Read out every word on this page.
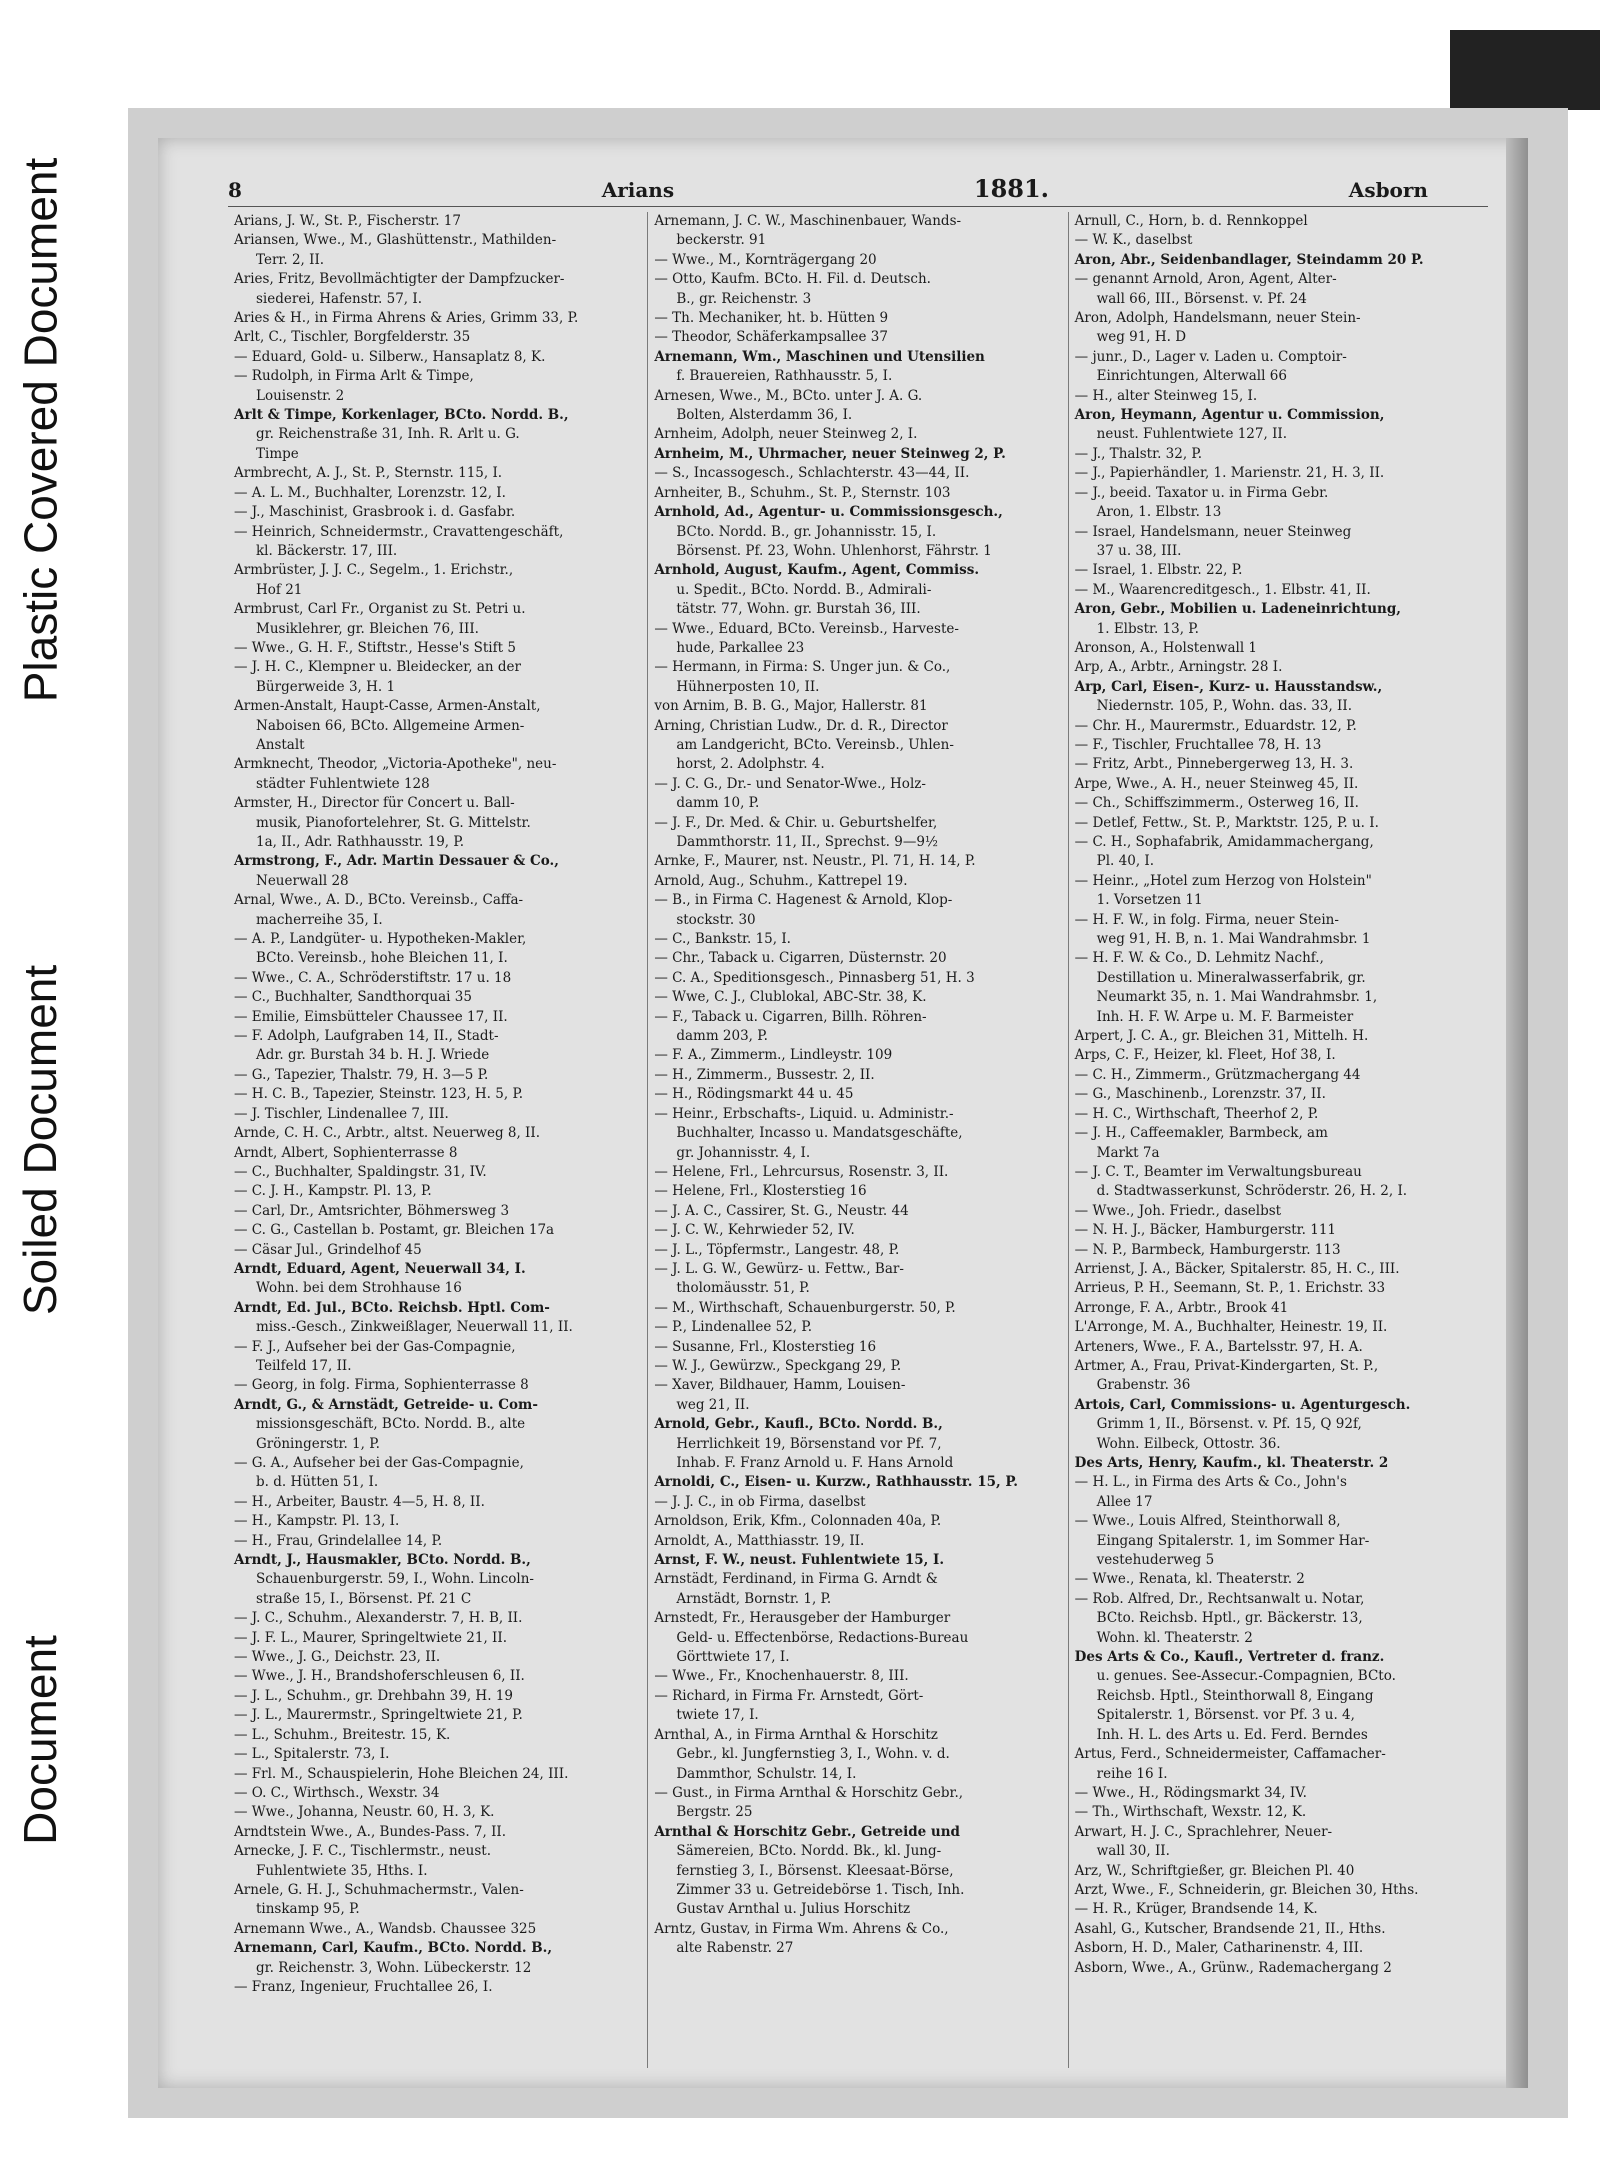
Plastic Covered Document
Soiled Document
Document
8	Arians	1881.	Asborn

Arians, J. W., St. P., Fischerstr. 17

Ariansen, Wwe., M., Glashüttenstr., Mathilden-

Terr. 2, II.

Aries, Fritz, Bevollmächtigter der Dampfzucker-

siederei, Hafenstr. 57, I.

Aries & H., in Firma Ahrens & Aries, Grimm 33, P.

Arlt, C., Tischler, Borgfelderstr. 35

— Eduard, Gold- u. Silberw., Hansaplatz 8, K.

— Rudolph, in Firma Arlt & Timpe,

Louisenstr. 2

Arlt & Timpe, Korkenlager, BCto. Nordd. B.,

gr. Reichenstraße 31, Inh. R. Arlt u. G.

Timpe

Armbrecht, A. J., St. P., Sternstr. 115, I.

— A. L. M., Buchhalter, Lorenzstr. 12, I.

— J., Maschinist, Grasbrook i. d. Gasfabr.

— Heinrich, Schneidermstr., Cravattengeschäft,

kl. Bäckerstr. 17, III.

Armbrüster, J. J. C., Segelm., 1. Erichstr.,

Hof 21

Armbrust, Carl Fr., Organist zu St. Petri u.

Musiklehrer, gr. Bleichen 76, III.

— Wwe., G. H. F., Stiftstr., Hesse's Stift 5

— J. H. C., Klempner u. Bleidecker, an der

Bürgerweide 3, H. 1

Armen-Anstalt, Haupt-Casse, Armen-Anstalt,

Naboisen 66, BCto. Allgemeine Armen-

Anstalt

Armknecht, Theodor, „Victoria-Apotheke", neu-

städter Fuhlentwiete 128

Armster, H., Director für Concert u. Ball-

musik, Pianofortelehrer, St. G. Mittelstr.

1a, II., Adr. Rathhausstr. 19, P.

Armstrong, F., Adr. Martin Dessauer & Co.,

Neuerwall 28

Arnal, Wwe., A. D., BCto. Vereinsb., Caffa-

macherreihe 35, I.

— A. P., Landgüter- u. Hypotheken-Makler,

BCto. Vereinsb., hohe Bleichen 11, I.

— Wwe., C. A., Schröderstiftstr. 17 u. 18

— C., Buchhalter, Sandthorquai 35

— Emilie, Eimsbütteler Chaussee 17, II.

— F. Adolph, Laufgraben 14, II., Stadt-

Adr. gr. Burstah 34 b. H. J. Wriede

— G., Tapezier, Thalstr. 79, H. 3—5 P.

— H. C. B., Tapezier, Steinstr. 123, H. 5, P.

— J. Tischler, Lindenallee 7, III.

Arnde, C. H. C., Arbtr., altst. Neuerweg 8, II.

Arndt, Albert, Sophienterrasse 8

— C., Buchhalter, Spaldingstr. 31, IV.

— C. J. H., Kampstr. Pl. 13, P.

— Carl, Dr., Amtsrichter, Böhmersweg 3

— C. G., Castellan b. Postamt, gr. Bleichen 17a

— Cäsar Jul., Grindelhof 45

Arndt, Eduard, Agent, Neuerwall 34, I.

Wohn. bei dem Strohhause 16

Arndt, Ed. Jul., BCto. Reichsb. Hptl. Com-

miss.-Gesch., Zinkweißlager, Neuerwall 11, II.

— F. J., Aufseher bei der Gas-Compagnie,

Teilfeld 17, II.

— Georg, in folg. Firma, Sophienterrasse 8

Arndt, G., & Arnstädt, Getreide- u. Com-

missionsgeschäft, BCto. Nordd. B., alte

Gröningerstr. 1, P.

— G. A., Aufseher bei der Gas-Compagnie,

b. d. Hütten 51, I.

— H., Arbeiter, Baustr. 4—5, H. 8, II.

— H., Kampstr. Pl. 13, I.

— H., Frau, Grindelallee 14, P.

Arndt, J., Hausmakler, BCto. Nordd. B.,

Schauenburgerstr. 59, I., Wohn. Lincoln-

straße 15, I., Börsenst. Pf. 21 C

— J. C., Schuhm., Alexanderstr. 7, H. B, II.

— J. F. L., Maurer, Springeltwiete 21, II.

— Wwe., J. G., Deichstr. 23, II.

— Wwe., J. H., Brandshoferschleusen 6, II.

— J. L., Schuhm., gr. Drehbahn 39, H. 19

— J. L., Maurermstr., Springeltwiete 21, P.

— L., Schuhm., Breitestr. 15, K.

— L., Spitalerstr. 73, I.

— Frl. M., Schauspielerin, Hohe Bleichen 24, III.

— O. C., Wirthsch., Wexstr. 34

— Wwe., Johanna, Neustr. 60, H. 3, K.

Arndtstein Wwe., A., Bundes-Pass. 7, II.

Arnecke, J. F. C., Tischlermstr., neust.

Fuhlentwiete 35, Hths. I.

Arnele, G. H. J., Schuhmachermstr., Valen-

tinskamp 95, P.

Arnemann Wwe., A., Wandsb. Chaussee 325

Arnemann, Carl, Kaufm., BCto. Nordd. B.,

gr. Reichenstr. 3, Wohn. Lübeckerstr. 12

— Franz, Ingenieur, Fruchtallee 26, I.

Arnemann, J. C. W., Maschinenbauer, Wands-

beckerstr. 91

— Wwe., M., Kornträgergang 20

— Otto, Kaufm. BCto. H. Fil. d. Deutsch.

B., gr. Reichenstr. 3

— Th. Mechaniker, ht. b. Hütten 9

— Theodor, Schäferkampsallee 37

Arnemann, Wm., Maschinen und Utensilien

f. Brauereien, Rathhausstr. 5, I.

Arnesen, Wwe., M., BCto. unter J. A. G.

Bolten, Alsterdamm 36, I.

Arnheim, Adolph, neuer Steinweg 2, I.

Arnheim, M., Uhrmacher, neuer Steinweg 2, P.

— S., Incassogesch., Schlachterstr. 43—44, II.

Arnheiter, B., Schuhm., St. P., Sternstr. 103

Arnhold, Ad., Agentur- u. Commissionsgesch.,

BCto. Nordd. B., gr. Johannisstr. 15, I.

Börsenst. Pf. 23, Wohn. Uhlenhorst, Fährstr. 1

Arnhold, August, Kaufm., Agent, Commiss.

u. Spedit., BCto. Nordd. B., Admirali-

tätstr. 77, Wohn. gr. Burstah 36, III.

— Wwe., Eduard, BCto. Vereinsb., Harveste-

hude, Parkallee 23

— Hermann, in Firma: S. Unger jun. & Co.,

Hühnerposten 10, II.

von Arnim, B. B. G., Major, Hallerstr. 81

Arning, Christian Ludw., Dr. d. R., Director

am Landgericht, BCto. Vereinsb., Uhlen-

horst, 2. Adolphstr. 4.

— J. C. G., Dr.- und Senator-Wwe., Holz-

damm 10, P.

— J. F., Dr. Med. & Chir. u. Geburtshelfer,

Dammthorstr. 11, II., Sprechst. 9—9½

Arnke, F., Maurer, nst. Neustr., Pl. 71, H. 14, P.

Arnold, Aug., Schuhm., Kattrepel 19.

— B., in Firma C. Hagenest & Arnold, Klop-

stockstr. 30

— C., Bankstr. 15, I.

— Chr., Taback u. Cigarren, Düsternstr. 20

— C. A., Speditionsgesch., Pinnasberg 51, H. 3

— Wwe, C. J., Clublokal, ABC-Str. 38, K.

— F., Taback u. Cigarren, Billh. Röhren-

damm 203, P.

— F. A., Zimmerm., Lindleystr. 109

— H., Zimmerm., Bussestr. 2, II.

— H., Rödingsmarkt 44 u. 45

— Heinr., Erbschafts-, Liquid. u. Administr.-

Buchhalter, Incasso u. Mandatsgeschäfte,

gr. Johannisstr. 4, I.

— Helene, Frl., Lehrcursus, Rosenstr. 3, II.

— Helene, Frl., Klosterstieg 16

— J. A. C., Cassirer, St. G., Neustr. 44

— J. C. W., Kehrwieder 52, IV.

— J. L., Töpfermstr., Langestr. 48, P.

— J. L. G. W., Gewürz- u. Fettw., Bar-

tholomäusstr. 51, P.

— M., Wirthschaft, Schauenburgerstr. 50, P.

— P., Lindenallee 52, P.

— Susanne, Frl., Klosterstieg 16

— W. J., Gewürzw., Speckgang 29, P.

— Xaver, Bildhauer, Hamm, Louisen-

weg 21, II.

Arnold, Gebr., Kaufl., BCto. Nordd. B.,

Herrlichkeit 19, Börsenstand vor Pf. 7,

Inhab. F. Franz Arnold u. F. Hans Arnold

Arnoldi, C., Eisen- u. Kurzw., Rathhausstr. 15, P.

— J. J. C., in ob Firma, daselbst

Arnoldson, Erik, Kfm., Colonnaden 40a, P.

Arnoldt, A., Matthiasstr. 19, II.

Arnst, F. W., neust. Fuhlentwiete 15, I.

Arnstädt, Ferdinand, in Firma G. Arndt &

Arnstädt, Bornstr. 1, P.

Arnstedt, Fr., Herausgeber der Hamburger

Geld- u. Effectenbörse, Redactions-Bureau

Görttwiete 17, I.

— Wwe., Fr., Knochenhauerstr. 8, III.

— Richard, in Firma Fr. Arnstedt, Gört-

twiete 17, I.

Arnthal, A., in Firma Arnthal & Horschitz

Gebr., kl. Jungfernstieg 3, I., Wohn. v. d.

Dammthor, Schulstr. 14, I.

— Gust., in Firma Arnthal & Horschitz Gebr.,

Bergstr. 25

Arnthal & Horschitz Gebr., Getreide und

Sämereien, BCto. Nordd. Bk., kl. Jung-

fernstieg 3, I., Börsenst. Kleesaat-Börse,

Zimmer 33 u. Getreidebörse 1. Tisch, Inh.

Gustav Arnthal u. Julius Horschitz

Arntz, Gustav, in Firma Wm. Ahrens & Co.,

alte Rabenstr. 27

Arnull, C., Horn, b. d. Rennkoppel

— W. K., daselbst

Aron, Abr., Seidenbandlager, Steindamm 20 P.

— genannt Arnold, Aron, Agent, Alter-

wall 66, III., Börsenst. v. Pf. 24

Aron, Adolph, Handelsmann, neuer Stein-

weg 91, H. D

— junr., D., Lager v. Laden u. Comptoir-

Einrichtungen, Alterwall 66

— H., alter Steinweg 15, I.

Aron, Heymann, Agentur u. Commission,

neust. Fuhlentwiete 127, II.

— J., Thalstr. 32, P.

— J., Papierhändler, 1. Marienstr. 21, H. 3, II.

— J., beeid. Taxator u. in Firma Gebr.

Aron, 1. Elbstr. 13

— Israel, Handelsmann, neuer Steinweg

37 u. 38, III.

— Israel, 1. Elbstr. 22, P.

— M., Waarencreditgesch., 1. Elbstr. 41, II.

Aron, Gebr., Mobilien u. Ladeneinrichtung,

1. Elbstr. 13, P.

Aronson, A., Holstenwall 1

Arp, A., Arbtr., Arningstr. 28 I.

Arp, Carl, Eisen-, Kurz- u. Hausstandsw.,

Niedernstr. 105, P., Wohn. das. 33, II.

— Chr. H., Maurermstr., Eduardstr. 12, P.

— F., Tischler, Fruchtallee 78, H. 13

— Fritz, Arbt., Pinnebergerweg 13, H. 3.

Arpe, Wwe., A. H., neuer Steinweg 45, II.

— Ch., Schiffszimmerm., Osterweg 16, II.

— Detlef, Fettw., St. P., Marktstr. 125, P. u. I.

— C. H., Sophafabrik, Amidammachergang,

Pl. 40, I.

— Heinr., „Hotel zum Herzog von Holstein"

1. Vorsetzen 11

— H. F. W., in folg. Firma, neuer Stein-

weg 91, H. B, n. 1. Mai Wandrahmsbr. 1

— H. F. W. & Co., D. Lehmitz Nachf.,

Destillation u. Mineralwasserfabrik, gr.

Neumarkt 35, n. 1. Mai Wandrahmsbr. 1,

Inh. H. F. W. Arpe u. M. F. Barmeister

Arpert, J. C. A., gr. Bleichen 31, Mittelh. H.

Arps, C. F., Heizer, kl. Fleet, Hof 38, I.

— C. H., Zimmerm., Grützmachergang 44

— G., Maschinenb., Lorenzstr. 37, II.

— H. C., Wirthschaft, Theerhof 2, P.

— J. H., Caffeemakler, Barmbeck, am

Markt 7a

— J. C. T., Beamter im Verwaltungsbureau

d. Stadtwasserkunst, Schröderstr. 26, H. 2, I.

— Wwe., Joh. Friedr., daselbst

— N. H. J., Bäcker, Hamburgerstr. 111

— N. P., Barmbeck, Hamburgerstr. 113

Arrienst, J. A., Bäcker, Spitalerstr. 85, H. C., III.

Arrieus, P. H., Seemann, St. P., 1. Erichstr. 33

Arronge, F. A., Arbtr., Brook 41

L'Arronge, M. A., Buchhalter, Heinestr. 19, II.

Arteners, Wwe., F. A., Bartelsstr. 97, H. A.

Artmer, A., Frau, Privat-Kindergarten, St. P.,

Grabenstr. 36

Artois, Carl, Commissions- u. Agenturgesch.

Grimm 1, II., Börsenst. v. Pf. 15, Q 92f,

Wohn. Eilbeck, Ottostr. 36.

Des Arts, Henry, Kaufm., kl. Theaterstr. 2

— H. L., in Firma des Arts & Co., John's

Allee 17

— Wwe., Louis Alfred, Steinthorwall 8,

Eingang Spitalerstr. 1, im Sommer Har-

vestehuderweg 5

— Wwe., Renata, kl. Theaterstr. 2

— Rob. Alfred, Dr., Rechtsanwalt u. Notar,

BCto. Reichsb. Hptl., gr. Bäckerstr. 13,

Wohn. kl. Theaterstr. 2

Des Arts & Co., Kaufl., Vertreter d. franz.

u. genues. See-Assecur.-Compagnien, BCto.

Reichsb. Hptl., Steinthorwall 8, Eingang

Spitalerstr. 1, Börsenst. vor Pf. 3 u. 4,

Inh. H. L. des Arts u. Ed. Ferd. Berndes

Artus, Ferd., Schneidermeister, Caffamacher-

reihe 16 I.

— Wwe., H., Rödingsmarkt 34, IV.

— Th., Wirthschaft, Wexstr. 12, K.

Arwart, H. J. C., Sprachlehrer, Neuer-

wall 30, II.

Arz, W., Schriftgießer, gr. Bleichen Pl. 40

Arzt, Wwe., F., Schneiderin, gr. Bleichen 30, Hths.

— H. R., Krüger, Brandsende 14, K.

Asahl, G., Kutscher, Brandsende 21, II., Hths.

Asborn, H. D., Maler, Catharinenstr. 4, III.

Asborn, Wwe., A., Grünw., Rademachergang 2
